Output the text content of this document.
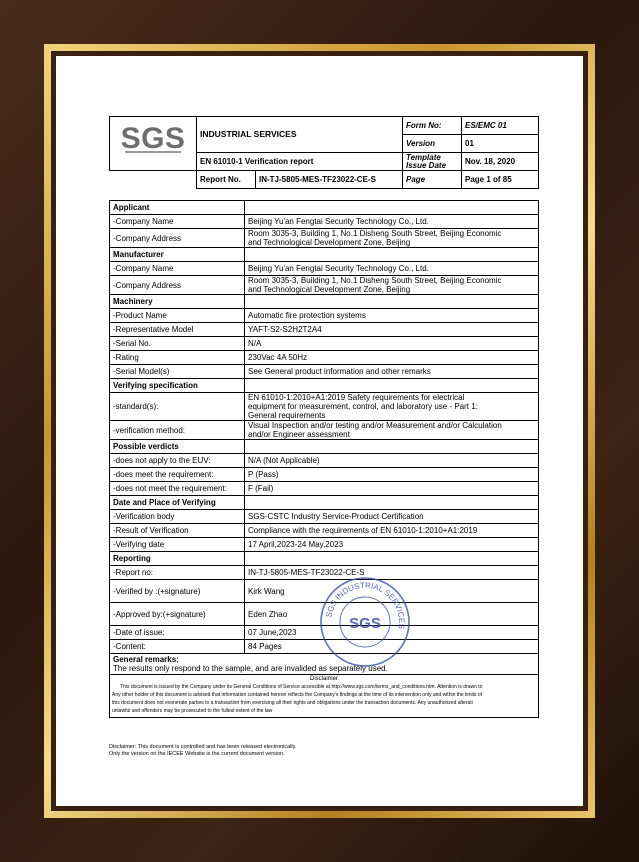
SGS	INDUSTRIAL SERVICES		Form No:	ES/EMC 01
			Version	01
	EN 61010-1 Verification report		Template
Issue Date	Nov. 18, 2020
	Report No.	IN-TJ-5805-MES-TF23022-CE-S	Page	Page 1 of 85
Applicant	
-Company Name	Beijing Yu'an Fengtai Security Technology Co., Ltd.
-Company Address	Room 3035-3, Building 1, No.1 Disheng South Street, Beijing Economic
and Technological Development Zone, Beijing
Manufacturer	
-Company Name	Beijing Yu'an Fengtai Security Technology Co., Ltd.
-Company Address	Room 3035-3, Building 1, No.1 Disheng South Street, Beijing Economic
and Technological Development Zone, Beijing
Machinery	
-Product Name	Automatic fire protection systems
-Representative Model	YAFT-S2-S2H2T2A4
-Serial No.	N/A
-Rating	230Vac 4A 50Hz
-Serial Model(s)	See General product information and other remarks
Verifying specification	
-standard(s):	EN 61010-1:2010+A1:2019 Safety requirements for electrical
equipment for measurement, control, and laboratory use - Part 1:
General requirements
-verification method:	Visual Inspection and/or testing and/or Measurement and/or Calculation
and/or Engineer assessment
Possible verdicts	
-does not apply to the EUV:	N/A (Not Applicable)
-does meet the requirement:	P (Pass)
-does not meet the requirement:	F (Fail)
Date and Place of Verifying	
-Verification body	SGS-CSTC Industry Service-Product Certification
-Result of Verification	Compliance with the requirements of EN 61010-1:2010+A1:2019
-Verifying date	17 April,2023-24 May,2023
Reporting	
-Report no:	IN-TJ-5805-MES-TF23022-CE-S
-Verified by :(+signature)	Kirk Wang
-Approved by:(+signature)	Eden Zhao
-Date of issue:	07 June,2023
-Content:	84 Pages
General remarks:
The results only respond to the sample, and are invalided as separately used.
Disclaimer
This document is issued by the Company under its General Conditions of Service accessible at http://www.sgs.com/terms_and_conditions.htm. Attention is drawn to
Any other holder of this document is advised that information contained hereon reflects the Company's findings at the time of its intervention only and within the limits of
this document does not exonerate parties to a transaction from exercising all their rights and obligations under the transaction documents. Any unauthorized alterati
unlawful and offenders may be prosecuted to the fullest extent of the law
Disclaimer: This document is controlled and has been released electronically.
Only the version on the IECEE Website is the current document version.
SGS INDUSTRIAL SERVICES
SGS
